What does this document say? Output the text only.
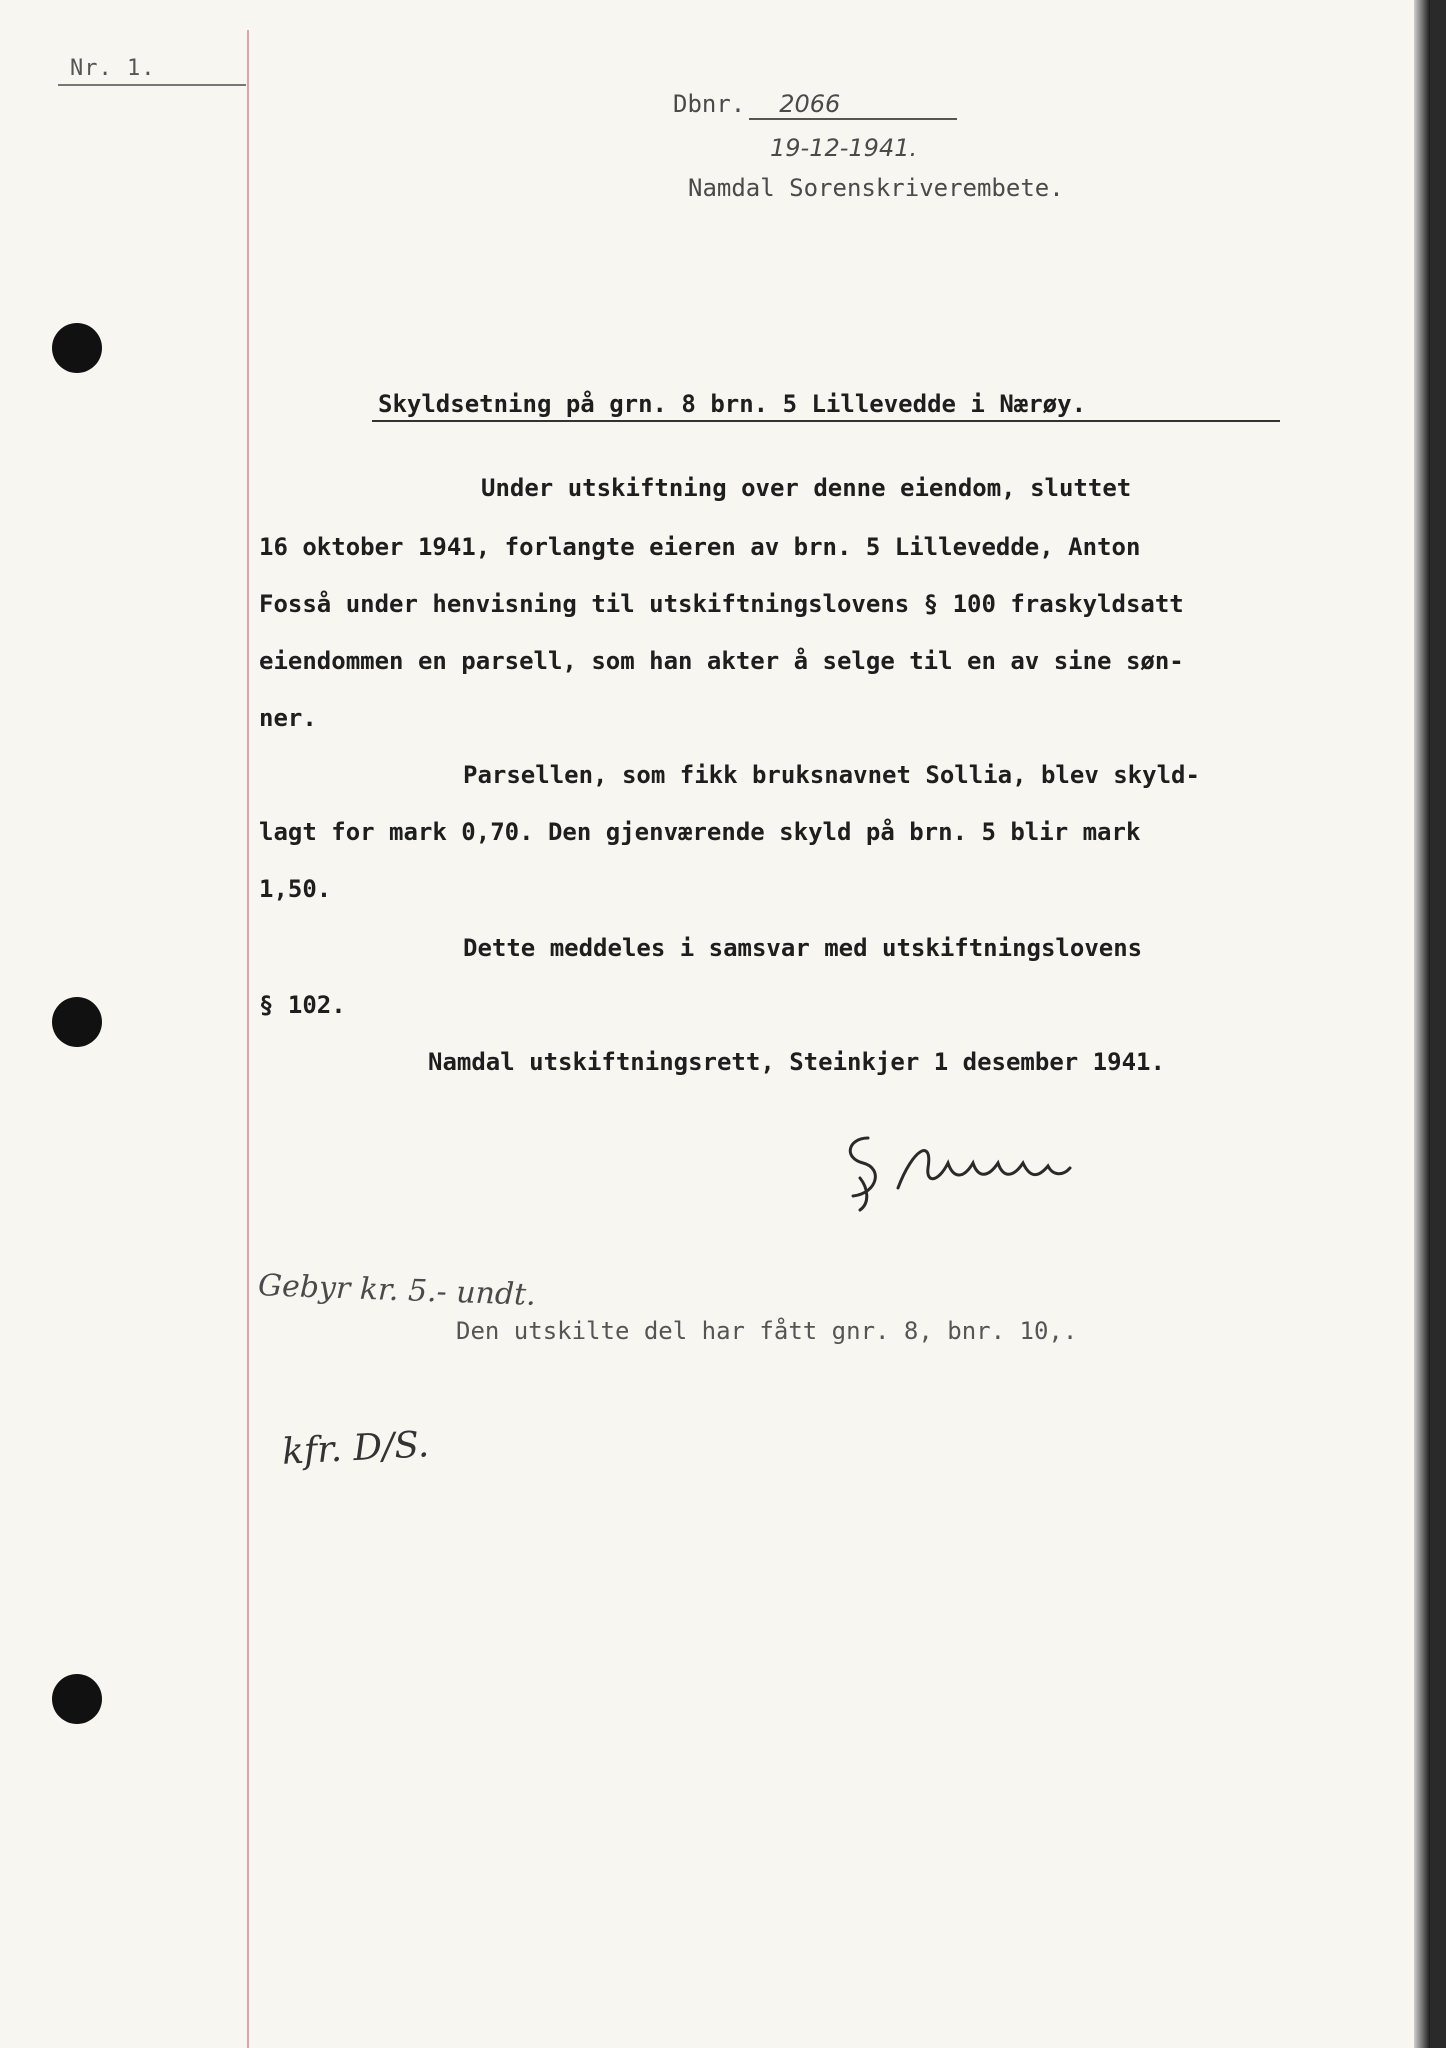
Nr. 1.
Dbnr. 2066
19-12-1941.
Namdal Sorenskriverembete.
Skyldsetning på grn. 8 brn. 5 Lillevedde i Nærøy.
Under utskiftning over denne eiendom, sluttet
16 oktober 1941, forlangte eieren av brn. 5 Lillevedde, Anton
Fosså under henvisning til utskiftningslovens § 100 fraskyldsatt
eiendommen en parsell, som han akter å selge til en av sine søn-
ner.
Parsellen, som fikk bruksnavnet Sollia, blev skyld-
lagt for mark 0,70. Den gjenværende skyld på brn. 5 blir mark
1,50.
Dette meddeles i samsvar med utskiftningslovens
§ 102.
Namdal utskiftningsrett, Steinkjer 1 desember 1941.
Gebyr kr. 5.- undt.
Den utskilte del har fått gnr. 8, bnr. 10,.
kfr. D/S.
